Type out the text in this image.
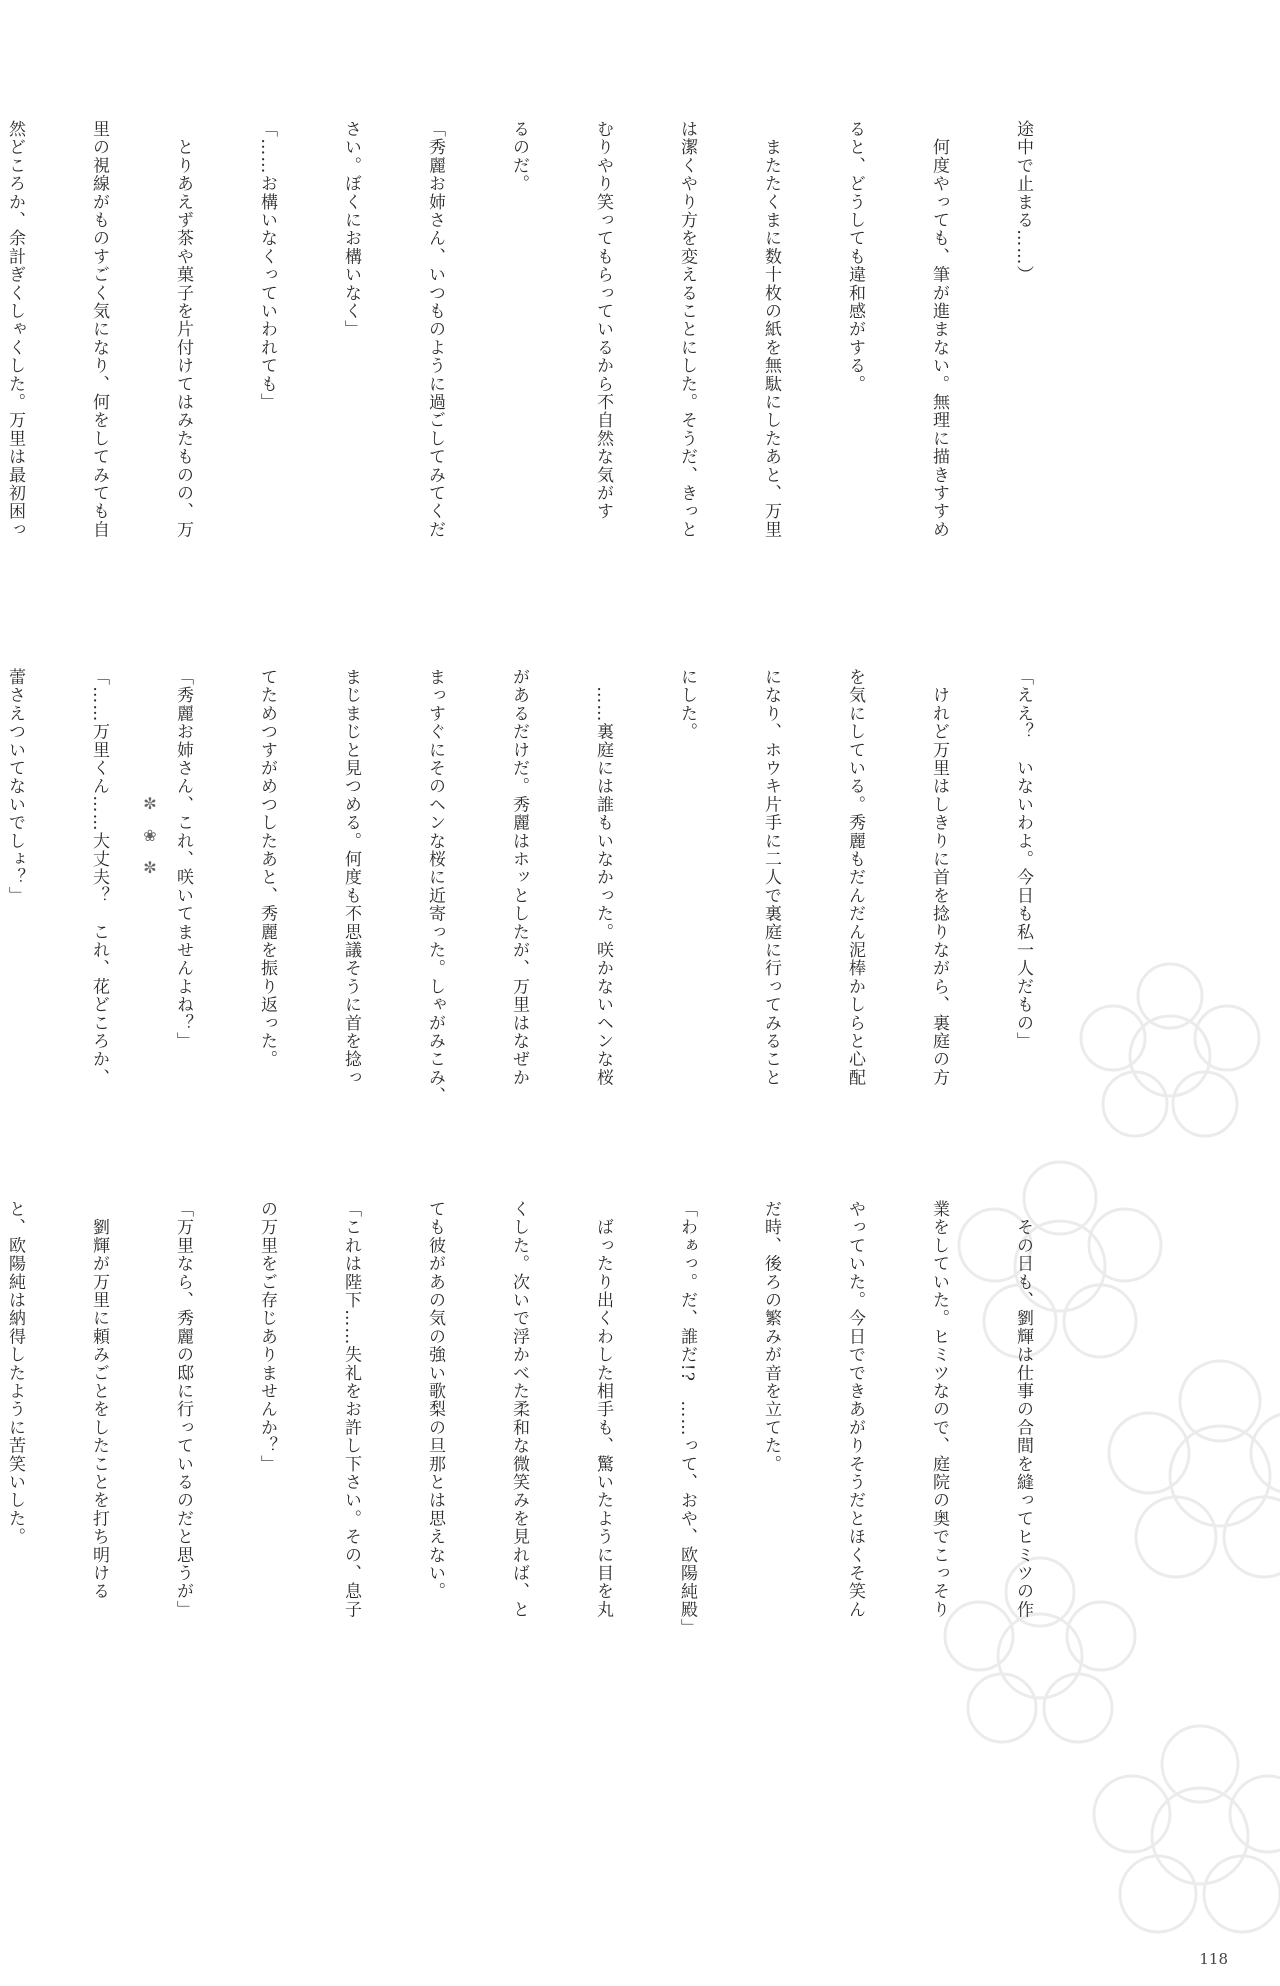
途中で止まる……）

　何度やっても、筆が進まない。無理に描きすすめ

ると、どうしても違和感がする。

　またたくまに数十枚の紙を無駄にしたあと、万里

は潔くやり方を変えることにした。そうだ、きっと

むりやり笑ってもらっているから不自然な気がす

るのだ。

「秀麗お姉さん、いつものように過ごしてみてくだ

さい。ぼくにお構いなく」

「……お構いなくっていわれても」

　とりあえず茶や菓子を片付けてはみたものの、万

里の視線がものすごく気になり、何をしてみても自

然どころか、余計ぎくしゃくした。万里は最初困っ

✼
❀
✼

	「ええ？　いないわよ。今日も私一人だもの」

　けれど万里はしきりに首を捻りながら、裏庭の方

を気にしている。秀麗もだんだん泥棒かしらと心配

になり、ホウキ片手に二人で裏庭に行ってみること

にした。

　……裏庭には誰もいなかった。咲かないヘンな桜

があるだけだ。秀麗はホッとしたが、万里はなぜか

まっすぐにそのヘンな桜に近寄った。しゃがみこみ、

まじまじと見つめる。何度も不思議そうに首を捻っ

てためつすがめつしたあと、秀麗を振り返った。

「秀麗お姉さん、これ、咲いてませんよね？」

「……万里くん……大丈夫？　これ、花どころか、

蕾さえついてないでしょ？」

　その日も、劉輝は仕事の合間を縫ってヒミツの作

業をしていた。ヒミツなので、庭院の奥でこっそり

やっていた。今日でできあがりそうだとほくそ笑ん

だ時、後ろの繁みが音を立てた。

「わぁっ。だ、誰だ!?　……って、おや、欧陽純殿」

　ばったり出くわした相手も、驚いたように目を丸

くした。次いで浮かべた柔和な微笑みを見れば、と

ても彼があの気の強い歌梨の旦那とは思えない。

「これは陛下……失礼をお許し下さい。その、息子

の万里をご存じありませんか？」

「万里なら、秀麗の邸に行っているのだと思うが」

　劉輝が万里に頼みごとをしたことを打ち明ける

と、欧陽純は納得したように苦笑いした。

118
